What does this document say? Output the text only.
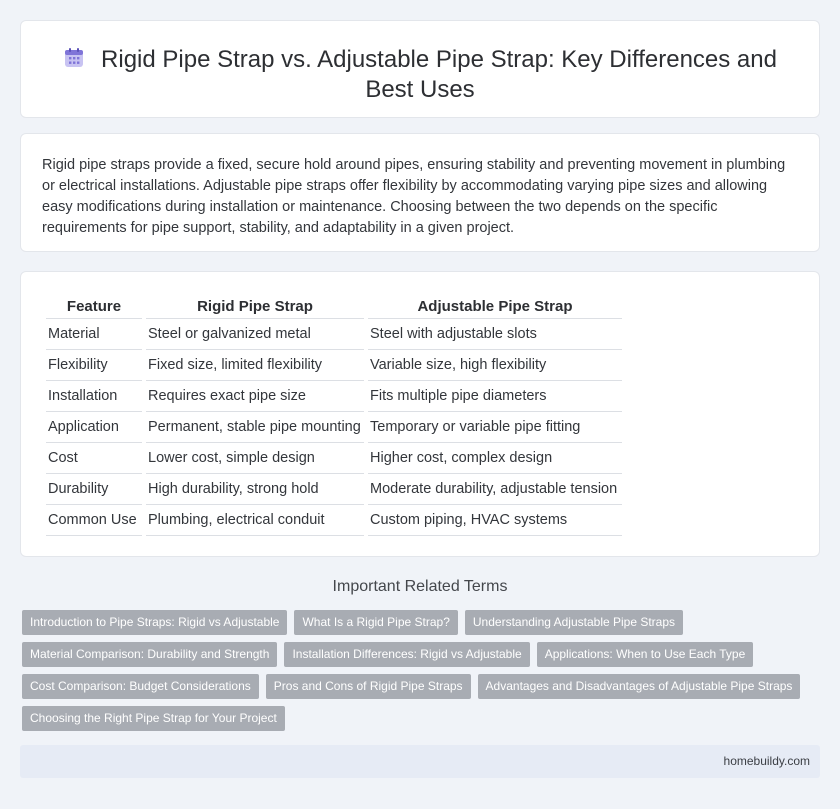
Rigid Pipe Strap vs. Adjustable Pipe Strap: Key Differences and
Best Uses

Rigid pipe straps provide a fixed, secure hold around pipes, ensuring stability and preventing movement in plumbing or electrical installations. Adjustable pipe straps offer flexibility by accommodating varying pipe sizes and allowing easy modifications during installation or maintenance. Choosing between the two depends on the specific requirements for pipe support, stability, and adaptability in a given project.

Feature	Rigid Pipe Strap	Adjustable Pipe Strap
Material	Steel or galvanized metal	Steel with adjustable slots
Flexibility	Fixed size, limited flexibility	Variable size, high flexibility
Installation	Requires exact pipe size	Fits multiple pipe diameters
Application	Permanent, stable pipe mounting	Temporary or variable pipe fitting
Cost	Lower cost, simple design	Higher cost, complex design
Durability	High durability, strong hold	Moderate durability, adjustable tension
Common Use	Plumbing, electrical conduit	Custom piping, HVAC systems
Important Related Terms
Introduction to Pipe Straps: Rigid vs Adjustable	What Is a Rigid Pipe Strap?	Understanding Adjustable Pipe Straps
Material Comparison: Durability and Strength	Installation Differences: Rigid vs Adjustable	Applications: When to Use Each Type
Cost Comparison: Budget Considerations	Pros and Cons of Rigid Pipe Straps	Advantages and Disadvantages of Adjustable Pipe Straps
Choosing the Right Pipe Strap for Your Project
homebuildy.com
